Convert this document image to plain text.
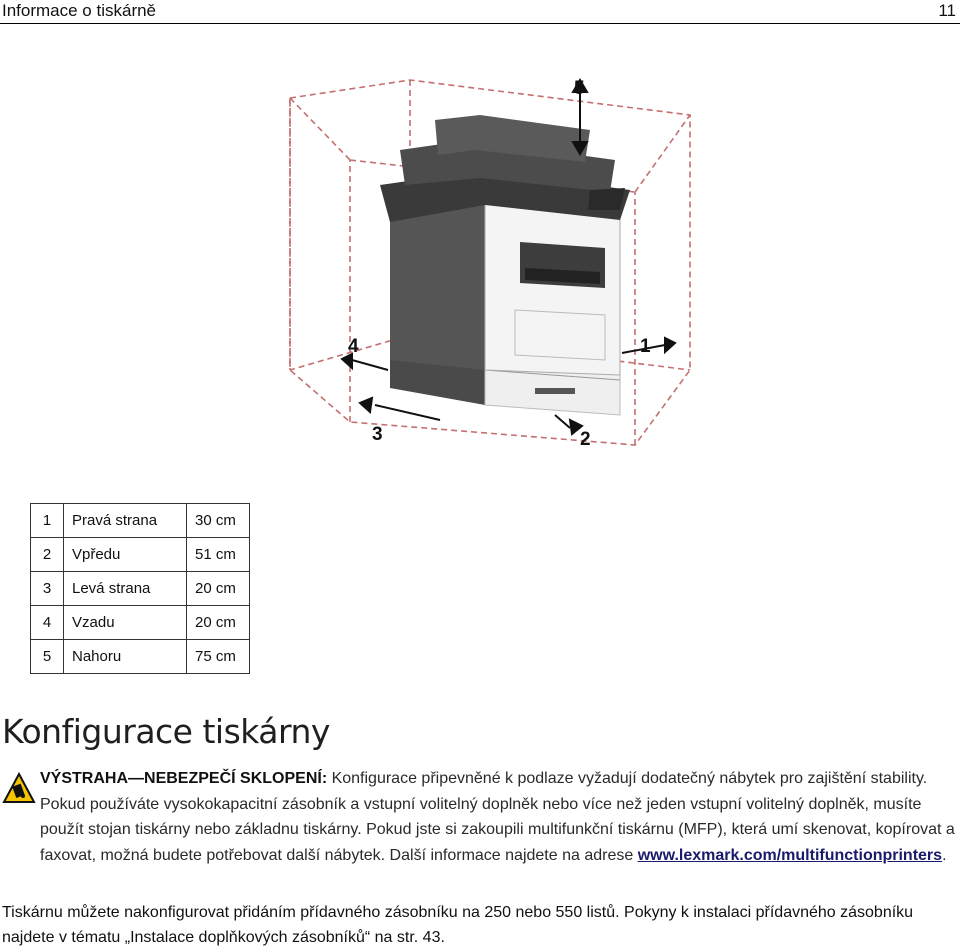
Informace o tiskárně	11
5
1
2
3
4
1	Pravá strana	30 cm
2	Vpředu	51 cm
3	Levá strana	20 cm
4	Vzadu	20 cm
5	Nahoru	75 cm
Konfigurace tiskárny
VÝSTRAHA—NEBEZPEČÍ SKLOPENÍ: Konfigurace připevněné k podlaze vyžadují dodatečný nábytek pro zajištění stability. Pokud používáte vysokokapacitní zásobník a vstupní volitelný doplněk nebo více než jeden vstupní volitelný doplněk, musíte použít stojan tiskárny nebo základnu tiskárny. Pokud jste si zakoupili multifunkční tiskárnu (MFP), která umí skenovat, kopírovat a faxovat, možná budete potřebovat další nábytek. Další informace najdete na adrese www.lexmark.com/multifunctionprinters.
Tiskárnu můžete nakonfigurovat přidáním přídavného zásobníku na 250 nebo 550 listů. Pokyny k instalaci přídavného zásobníku najdete v tématu „Instalace doplňkových zásobníků“ na str. 43.
